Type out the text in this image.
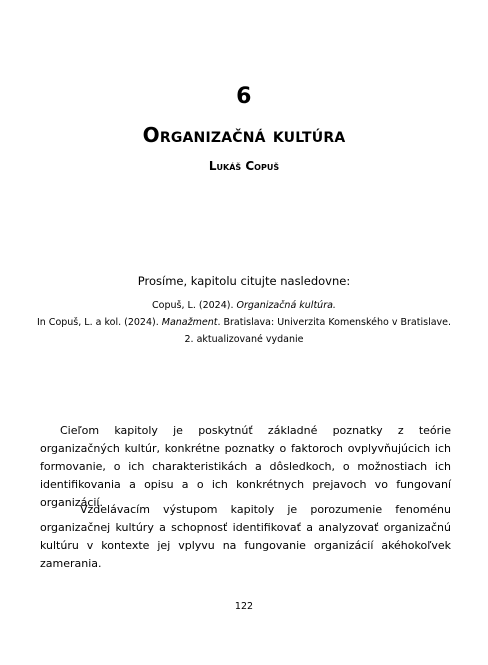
6
Organizačná kultúra
Lukáš Copuš
Prosíme, kapitolu citujte nasledovne:
Copuš, L. (2024). Organizačná kultúra.
In Copuš, L. a kol. (2024). Manažment. Bratislava: Univerzita Komenského v Bratislave.
2. aktualizované vydanie

Cieľom kapitoly je poskytnúť základné poznatky z teórie organizačných kultúr, konkrétne poznatky o faktoroch ovplyvňujúcich ich formovanie, o ich charakteristikách a dôsledkoch, o možnostiach ich identifikovania a opisu a o ich konkrétnych prejavoch vo fungovaní organizácií.

Vzdelávacím výstupom kapitoly je porozumenie fenoménu organizačnej kultúry a schopnosť identifikovať a analyzovať organizačnú kultúru v kontexte jej vplyvu na fungovanie organizácií akéhokoľvek zamerania.

122
